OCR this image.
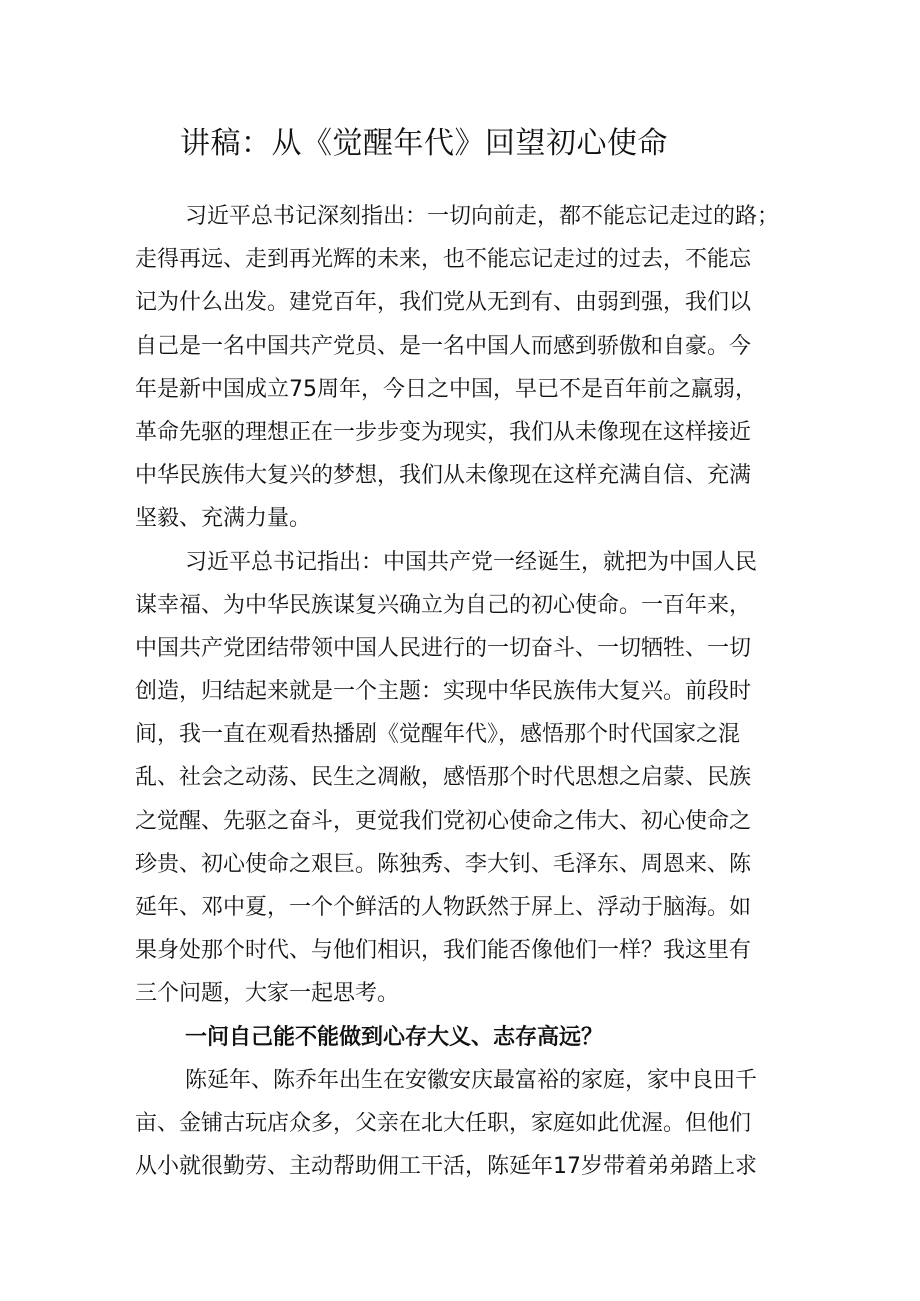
讲稿：从《觉醒年代》回望初心使命
习近平总书记深刻指出：一切向前走，都不能忘记走过的路；
走得再远、走到再光辉的未来，也不能忘记走过的过去，不能忘
记为什么出发。建党百年，我们党从无到有、由弱到强，我们以
自己是一名中国共产党员、是一名中国人而感到骄傲和自豪。今
年是新中国成立75周年，今日之中国，早已不是百年前之羸弱，
革命先驱的理想正在一步步变为现实，我们从未像现在这样接近
中华民族伟大复兴的梦想，我们从未像现在这样充满自信、充满
坚毅、充满力量。
习近平总书记指出：中国共产党一经诞生，就把为中国人民
谋幸福、为中华民族谋复兴确立为自己的初心使命。一百年来，
中国共产党团结带领中国人民进行的一切奋斗、一切牺牲、一切
创造，归结起来就是一个主题：实现中华民族伟大复兴。前段时
间，我一直在观看热播剧《觉醒年代》，感悟那个时代国家之混
乱、社会之动荡、民生之凋敝，感悟那个时代思想之启蒙、民族
之觉醒、先驱之奋斗，更觉我们党初心使命之伟大、初心使命之
珍贵、初心使命之艰巨。陈独秀、李大钊、毛泽东、周恩来、陈
延年、邓中夏，一个个鲜活的人物跃然于屏上、浮动于脑海。如
果身处那个时代、与他们相识，我们能否像他们一样？我这里有
三个问题，大家一起思考。
一问自己能不能做到心存大义、志存高远？
陈延年、陈乔年出生在安徽安庆最富裕的家庭，家中良田千
亩、金铺古玩店众多，父亲在北大任职，家庭如此优渥。但他们
从小就很勤劳、主动帮助佣工干活，陈延年17岁带着弟弟踏上求
